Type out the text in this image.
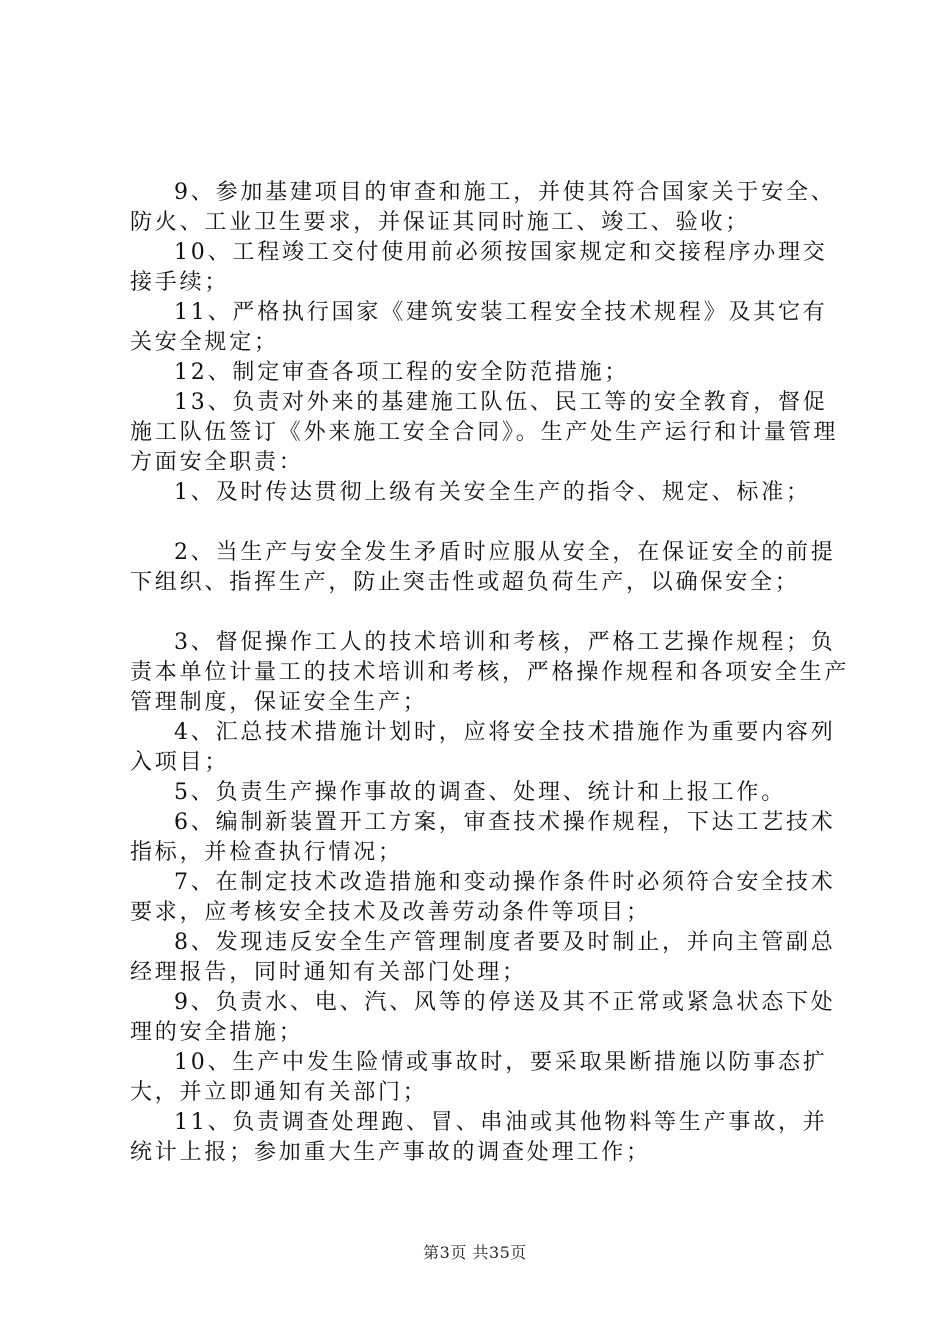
9、参加基建项目的审查和施工，并使其符合国家关于安全、防火、工业卫生要求，并保证其同时施工、竣工、验收；

10、工程竣工交付使用前必须按国家规定和交接程序办理交接手续；

11、严格执行国家《建筑安装工程安全技术规程》及其它有关安全规定；

12、制定审查各项工程的安全防范措施；

13、负责对外来的基建施工队伍、民工等的安全教育，督促施工队伍签订《外来施工安全合同》。生产处生产运行和计量管理方面安全职责：

1、及时传达贯彻上级有关安全生产的指令、规定、标准；

2、当生产与安全发生矛盾时应服从安全，在保证安全的前提下组织、指挥生产，防止突击性或超负荷生产，以确保安全；

3、督促操作工人的技术培训和考核，严格工艺操作规程；负责本单位计量工的技术培训和考核，严格操作规程和各项安全生产管理制度，保证安全生产；

4、汇总技术措施计划时，应将安全技术措施作为重要内容列入项目；

5、负责生产操作事故的调查、处理、统计和上报工作。

6、编制新装置开工方案，审查技术操作规程，下达工艺技术指标，并检查执行情况；

7、在制定技术改造措施和变动操作条件时必须符合安全技术要求，应考核安全技术及改善劳动条件等项目；

8、发现违反安全生产管理制度者要及时制止，并向主管副总经理报告，同时通知有关部门处理；

9、负责水、电、汽、风等的停送及其不正常或紧急状态下处理的安全措施；

10、生产中发生险情或事故时，要采取果断措施以防事态扩大，并立即通知有关部门；

11、负责调查处理跑、冒、串油或其他物料等生产事故，并统计上报；参加重大生产事故的调查处理工作；

第3页 共35页
